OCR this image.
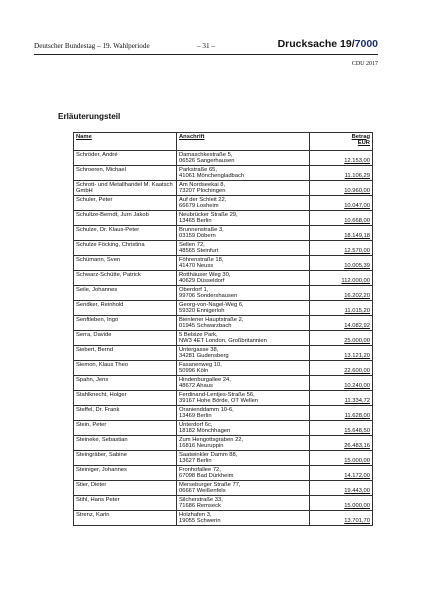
Deutscher Bundestag – 19. Wahlperiode	– 31 –	Drucksache 19/7000
CDU 2017
Erläuterungsteil
Name	Anschrift	Betrag
EUR
Schröder, André	Damaschkestraße 5,
06526 Sangerhausen	12.153,00
Schroeren, Michael	Parkstraße 65,
41061 Mönchengladbach	11.106,29
Schrott- und Metallhandel M. Kaatsch GmbH	Am Nordseekai 8,
73207 Plochingen	10.960,00
Schuler, Peter	Auf der Schleit 22,
66679 Losheim	10.047,00
Schultze-Berndt, Jurn Jakob	Neubrücker Straße 29,
13465 Berlin	10.668,00
Schulze, Dr. Klaus-Peter	Brunnenstraße 3,
03159 Döbern	18.149,18
Schulze Föcking, Christina	Sellen 72,
48565 Steinfurt	12.570,00
Schümann, Sven	Föhrenstraße 18,
41470 Neuss	10.005,39
Schwarz-Schütte, Patrick	Rotthäuser Weg 30,
40629 Düsseldorf	112.000,00
Seile, Johannes	Oberdorf 1,
99706 Sondershausen	16.202,20
Sendker, Reinhold	Georg-von-Nagel-Weg 6,
59320 Ennigerloh	11.015,20
Senftleben, Ingo	Bienlener Hauptstraße 2,
01945 Schwarzbach	14.082,92
Serra, Davide	5 Belsize Park,
NW3 4ET London, Großbritannien	25.000,00
Siebert, Bernd	Untergasse 38,
34281 Gudensberg	13.121,20
Siemon, Klaus Theo	Fasanenweg 10,
50996 Köln	22.600,00
Spahn, Jens	Hindenburgallee 24,
48672 Ahaus	10.240,00
Stahlknecht, Holger	Ferdinand-Lentjes-Straße 56,
39167 Hohe Börde, OT Wellen	11.334,72
Steffel, Dr. Frank	Oranienddamm 10-6,
13469 Berlin	11.628,00
Stein, Peter	Unterdorf 6c,
18182 Mönchhagen	15.648,50
Steineke, Sebastian	Zum Hengottsgraben 22,
16816 Neuruppin	26.483,16
Steingräber, Sabine	Saatwinkler Damm 88,
13627 Berlin	15.000,00
Steiniger, Johannes	Fronhofallee 72,
67098 Bad Dürkheim	14.172,00
Stier, Dieter	Merseburger Straße 77,
06667 Weißenfels	19.443,00
Stihl, Hans Peter	Silcherstraße 33,
71686 Remseck	15.000,00
Strenz, Karin	Holzhafen 3,
19055 Schwerin	13.701,70
